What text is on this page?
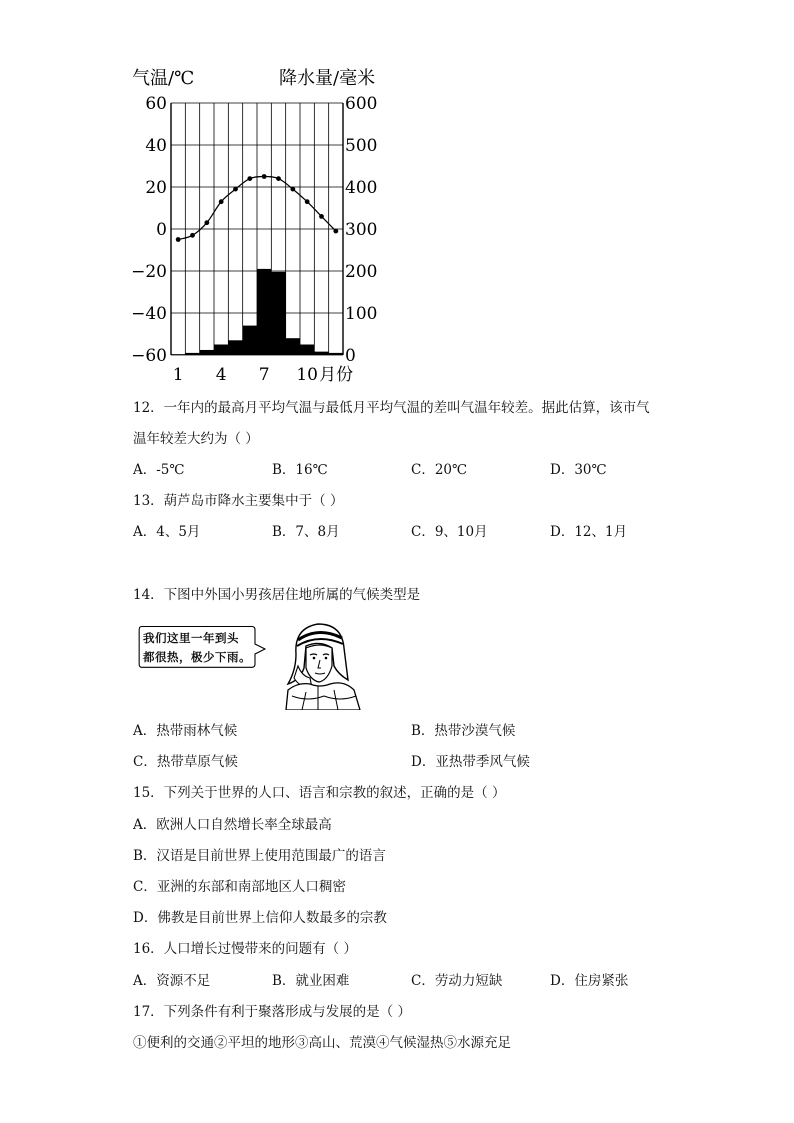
气温/℃	降水量/毫米
60
40
20
0
−20
−40
−60
600
500
400
300
200
100
0
1 4 7 10 月份
12．一年内的最高月平均气温与最低月平均气温的差叫气温年较差。据此估算，该市气
温年较差大约为（ ）
A．-5℃	B．16℃	C．20℃	D．30℃
13．葫芦岛市降水主要集中于（ ）
A．4、5月	B．7、8月	C．9、10月	D．12、1月
14．下图中外国小男孩居住地所属的气候类型是
我们这里一年到头
都很热，极少下雨。
A．热带雨林气候	B．热带沙漠气候
C．热带草原气候	D．亚热带季风气候
15．下列关于世界的人口、语言和宗教的叙述，正确的是（ ）
A．欧洲人口自然增长率全球最高
B．汉语是目前世界上使用范围最广的语言
C．亚洲的东部和南部地区人口稠密
D．佛教是目前世界上信仰人数最多的宗教
16．人口增长过慢带来的问题有（ ）
A．资源不足	B．就业困难	C．劳动力短缺	D．住房紧张
17．下列条件有利于聚落形成与发展的是（ ）
①便利的交通②平坦的地形③高山、荒漠④气候湿热⑤水源充足
